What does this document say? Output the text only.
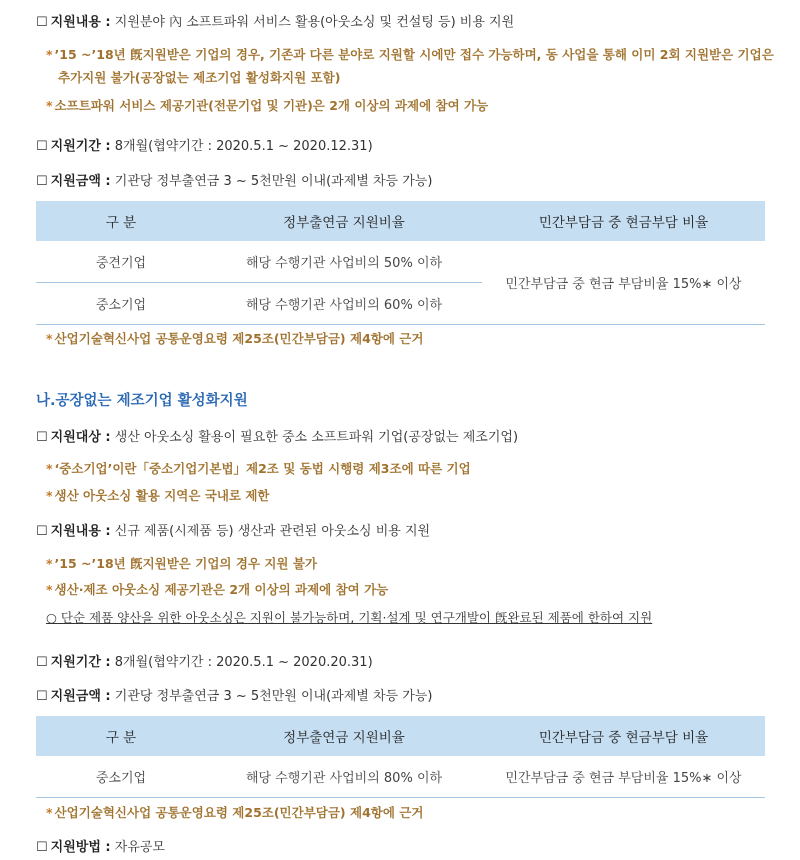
☐ 지원내용 : 지원분야 內 소프트파워 서비스 활용(아웃소싱 및 컨설팅 등) 비용 지원
* ’15 ~’18년 旣지원받은 기업의 경우, 기존과 다른 분야로 지원할 시에만 접수 가능하며, 동 사업을 통해 이미 2회 지원받은 기업은
추가지원 불가(공장없는 제조기업 활성화지원 포함)
* 소프트파워 서비스 제공기관(전문기업 및 기관)은 2개 이상의 과제에 참여 가능
☐ 지원기간 : 8개월(협약기간 : 2020.5.1 ~ 2020.12.31)
☐ 지원금액 : 기관당 정부출연금 3 ~ 5천만원 이내(과제별 차등 가능)
구 분	정부출연금 지원비율	민간부담금 중 현금부담 비율
중견기업	해당 수행기관 사업비의 50% 이하	민간부담금 중 현금 부담비율 15%∗ 이상
중소기업	해당 수행기관 사업비의 60% 이하	
* 산업기술혁신사업 공통운영요령 제25조(민간부담금) 제4항에 근거
나.공장없는 제조기업 활성화지원
☐ 지원대상 : 생산 아웃소싱 활용이 필요한 중소 소프트파워 기업(공장없는 제조기업)
* ‘중소기업’이란「중소기업기본법」제2조 및 동법 시행령 제3조에 따른 기업
* 생산 아웃소싱 활용 지역은 국내로 제한
☐ 지원내용 : 신규 제품(시제품 등) 생산과 관련된 아웃소싱 비용 지원
* ’15 ~’18년 旣지원받은 기업의 경우 지원 불가
* 생산·제조 아웃소싱 제공기관은 2개 이상의 과제에 참여 가능
○ 단순 제품 양산을 위한 아웃소싱은 지원이 불가능하며, 기획·설계 및 연구개발이 旣완료된 제품에 한하여 지원
☐ 지원기간 : 8개월(협약기간 : 2020.5.1 ~ 2020.20.31)
☐ 지원금액 : 기관당 정부출연금 3 ~ 5천만원 이내(과제별 차등 가능)
구 분	정부출연금 지원비율	민간부담금 중 현금부담 비율
중소기업	해당 수행기관 사업비의 80% 이하	민간부담금 중 현금 부담비율 15%∗ 이상
* 산업기술혁신사업 공통운영요령 제25조(민간부담금) 제4항에 근거
☐ 지원방법 : 자유공모
